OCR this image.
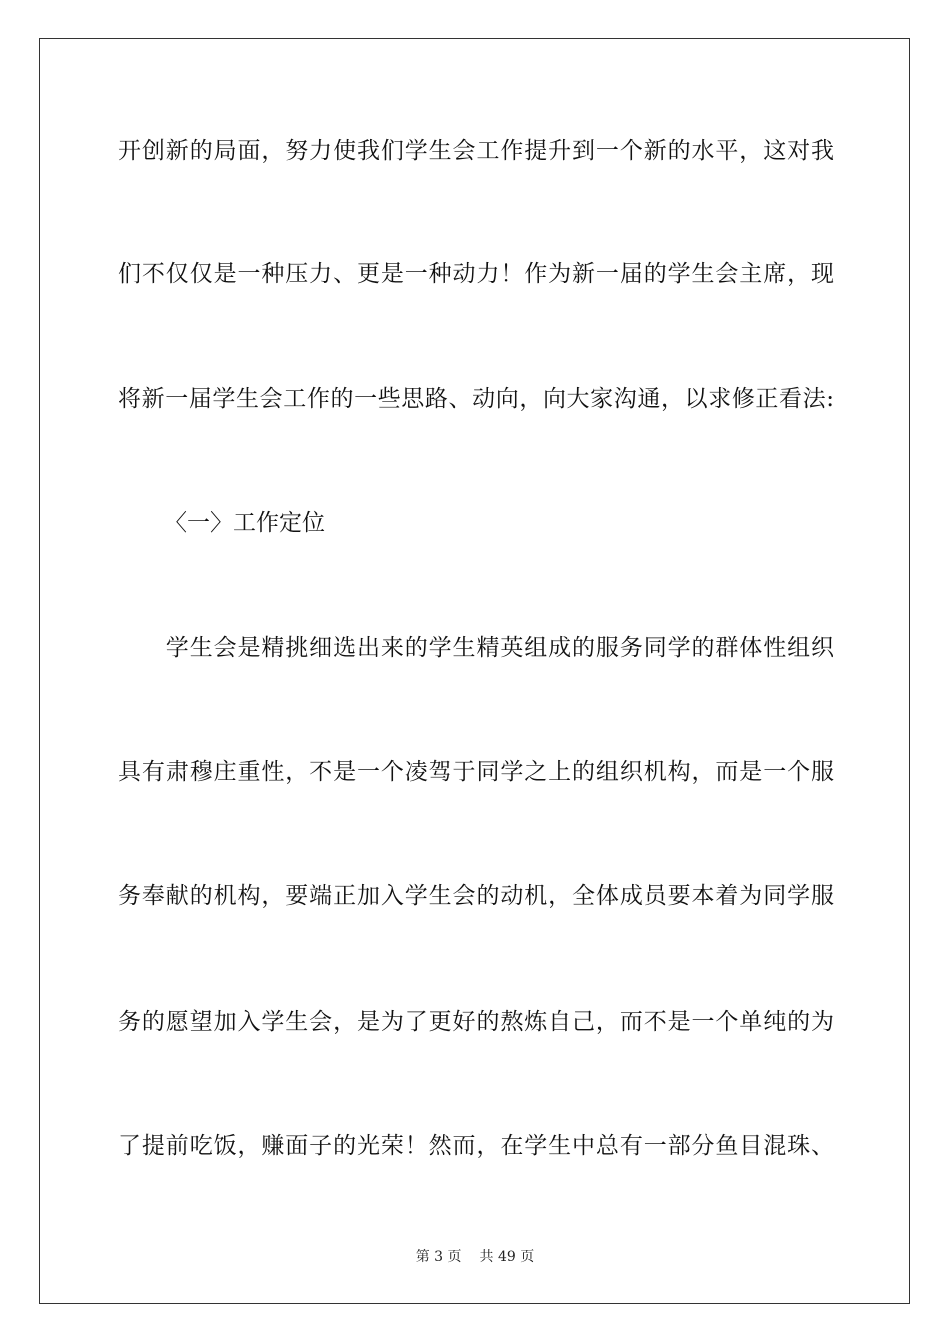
开创新的局面，努力使我们学生会工作提升到一个新的水平，这对我
们不仅仅是一种压力、更是一种动力！作为新一届的学生会主席，现
将新一届学生会工作的一些思路、动向，向大家沟通，以求修正看法:
〈一〉工作定位
　　学生会是精挑细选出来的学生精英组成的服务同学的群体性组织
具有肃穆庄重性，不是一个凌驾于同学之上的组织机构，而是一个服
务奉献的机构，要端正加入学生会的动机，全体成员要本着为同学服
务的愿望加入学生会，是为了更好的熬炼自己，而不是一个单纯的为
了提前吃饭，赚面子的光荣！然而，在学生中总有一部分鱼目混珠、
第 3 页 共 49 页
